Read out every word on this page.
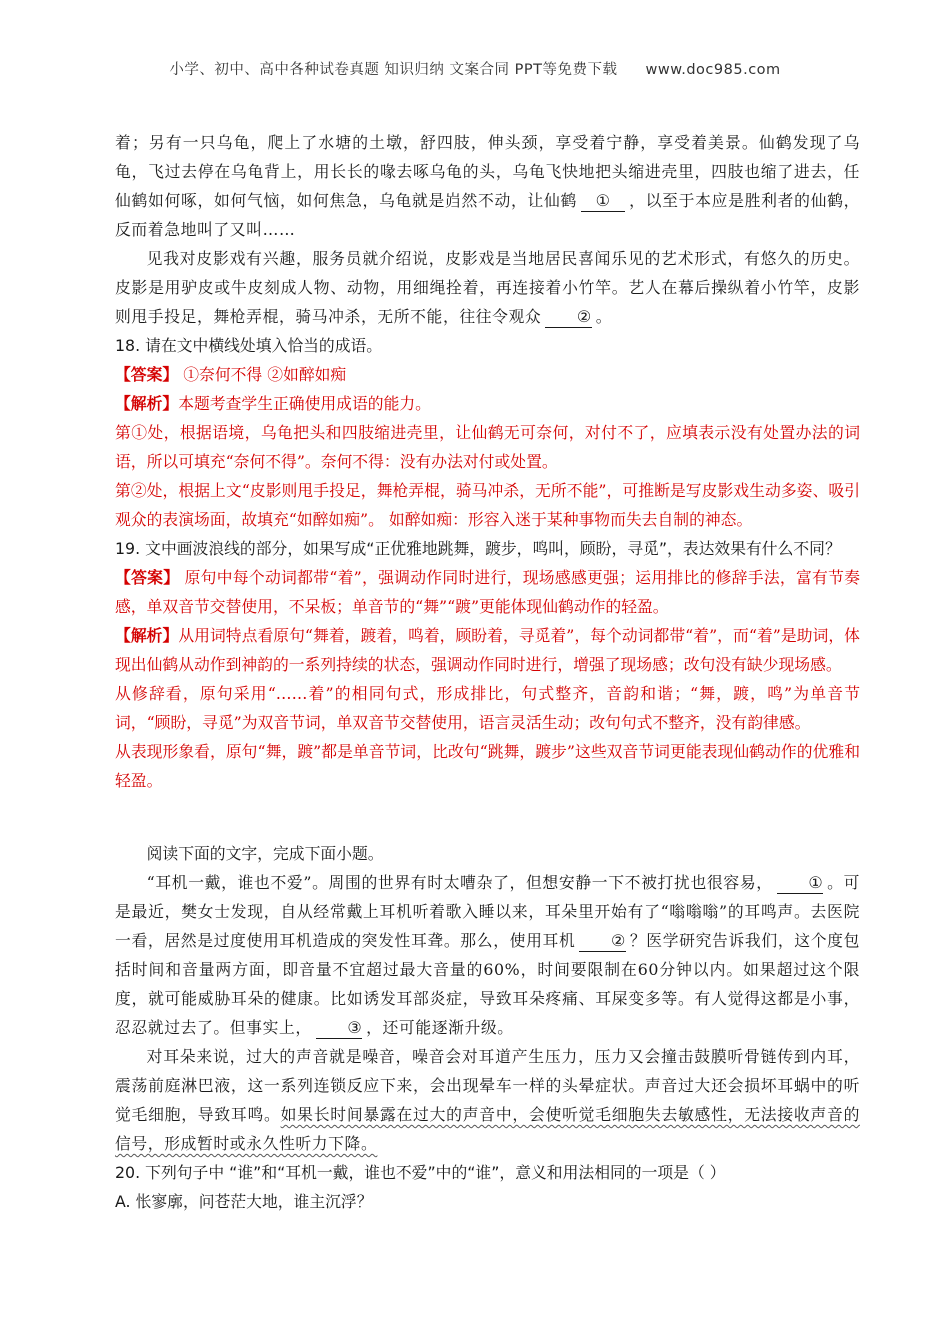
小学、初中、高中各种试卷真题 知识归纳 文案合同 PPT等免费下载 www.doc985.com

着；另有一只乌龟，爬上了水塘的土墩，舒四肢，伸头颈，享受着宁静，享受着美景。仙鹤发现了乌龟，飞过去停在乌龟背上，用长长的喙去啄乌龟的头，乌龟飞快地把头缩进壳里，四肢也缩了进去，任仙鹤如何啄，如何气恼，如何焦急，乌龟就是岿然不动，让仙鹤 ① ，以至于本应是胜利者的仙鹤，反而着急地叫了又叫……

见我对皮影戏有兴趣，服务员就介绍说，皮影戏是当地居民喜闻乐见的艺术形式，有悠久的历史。皮影是用驴皮或牛皮刻成人物、动物，用细绳拴着，再连接着小竹竿。艺人在幕后操纵着小竹竿，皮影则甩手投足，舞枪弄棍，骑马冲杀，无所不能，往往令观众 ② 。

18. 请在文中横线处填入恰当的成语。

【答案】 ①奈何不得 ②如醉如痴

【解析】本题考查学生正确使用成语的能力。

第①处，根据语境，乌龟把头和四肢缩进壳里，让仙鹤无可奈何，对付不了，应填表示没有处置办法的词语，所以可填充“奈何不得”。奈何不得：没有办法对付或处置。

第②处，根据上文“皮影则甩手投足，舞枪弄棍，骑马冲杀，无所不能”，可推断是写皮影戏生动多姿、吸引观众的表演场面，故填充“如醉如痴”。 如醉如痴：形容入迷于某种事物而失去自制的神态。

19. 文中画波浪线的部分，如果写成“正优雅地跳舞，踱步，鸣叫，顾盼，寻觅”，表达效果有什么不同？

【答案】 原句中每个动词都带“着”，强调动作同时进行，现场感感更强；运用排比的修辞手法，富有节奏感，单双音节交替使用，不呆板；单音节的“舞”“踱”更能体现仙鹤动作的轻盈。

【解析】从用词特点看原句“舞着，踱着，鸣着，顾盼着，寻觅着”，每个动词都带“着”，而“着”是助词，体现出仙鹤从动作到神韵的一系列持续的状态，强调动作同时进行，增强了现场感；改句没有缺少现场感。

从修辞看，原句采用“……着”的相同句式，形成排比，句式整齐，音韵和谐；“舞，踱，鸣”为单音节词，“顾盼，寻觅”为双音节词，单双音节交替使用，语言灵活生动；改句句式不整齐，没有韵律感。

从表现形象看，原句“舞，踱”都是单音节词，比改句“跳舞，踱步”这些双音节词更能表现仙鹤动作的优雅和轻盈。

阅读下面的文字，完成下面小题。

“耳机一戴，谁也不爱”。周围的世界有时太嘈杂了，但想安静一下不被打扰也很容易， ① 。可是最近，樊女士发现，自从经常戴上耳机听着歌入睡以来，耳朵里开始有了“嗡嗡嗡”的耳鸣声。去医院一看，居然是过度使用耳机造成的突发性耳聋。那么，使用耳机 ② ？医学研究告诉我们，这个度包括时间和音量两方面，即音量不宜超过最大音量的60%，时间要限制在60分钟以内。如果超过这个限度，就可能威胁耳朵的健康。比如诱发耳部炎症，导致耳朵疼痛、耳屎变多等。有人觉得这都是小事，忍忍就过去了。但事实上， ③ ，还可能逐渐升级。

对耳朵来说，过大的声音就是噪音，噪音会对耳道产生压力，压力又会撞击鼓膜听骨链传到内耳，震荡前庭淋巴液，这一系列连锁反应下来，会出现晕车一样的头晕症状。声音过大还会损坏耳蜗中的听觉毛细胞，导致耳鸣。如果长时间暴露在过大的声音中，会使听觉毛细胞失去敏感性，无法接收声音的信号，形成暂时或永久性听力下降。

20. 下列句子中 “谁”和“耳机一戴，谁也不爱”中的“谁”，意义和用法相同的一项是（ ）

A. 怅寥廓，问苍茫大地，谁主沉浮？
